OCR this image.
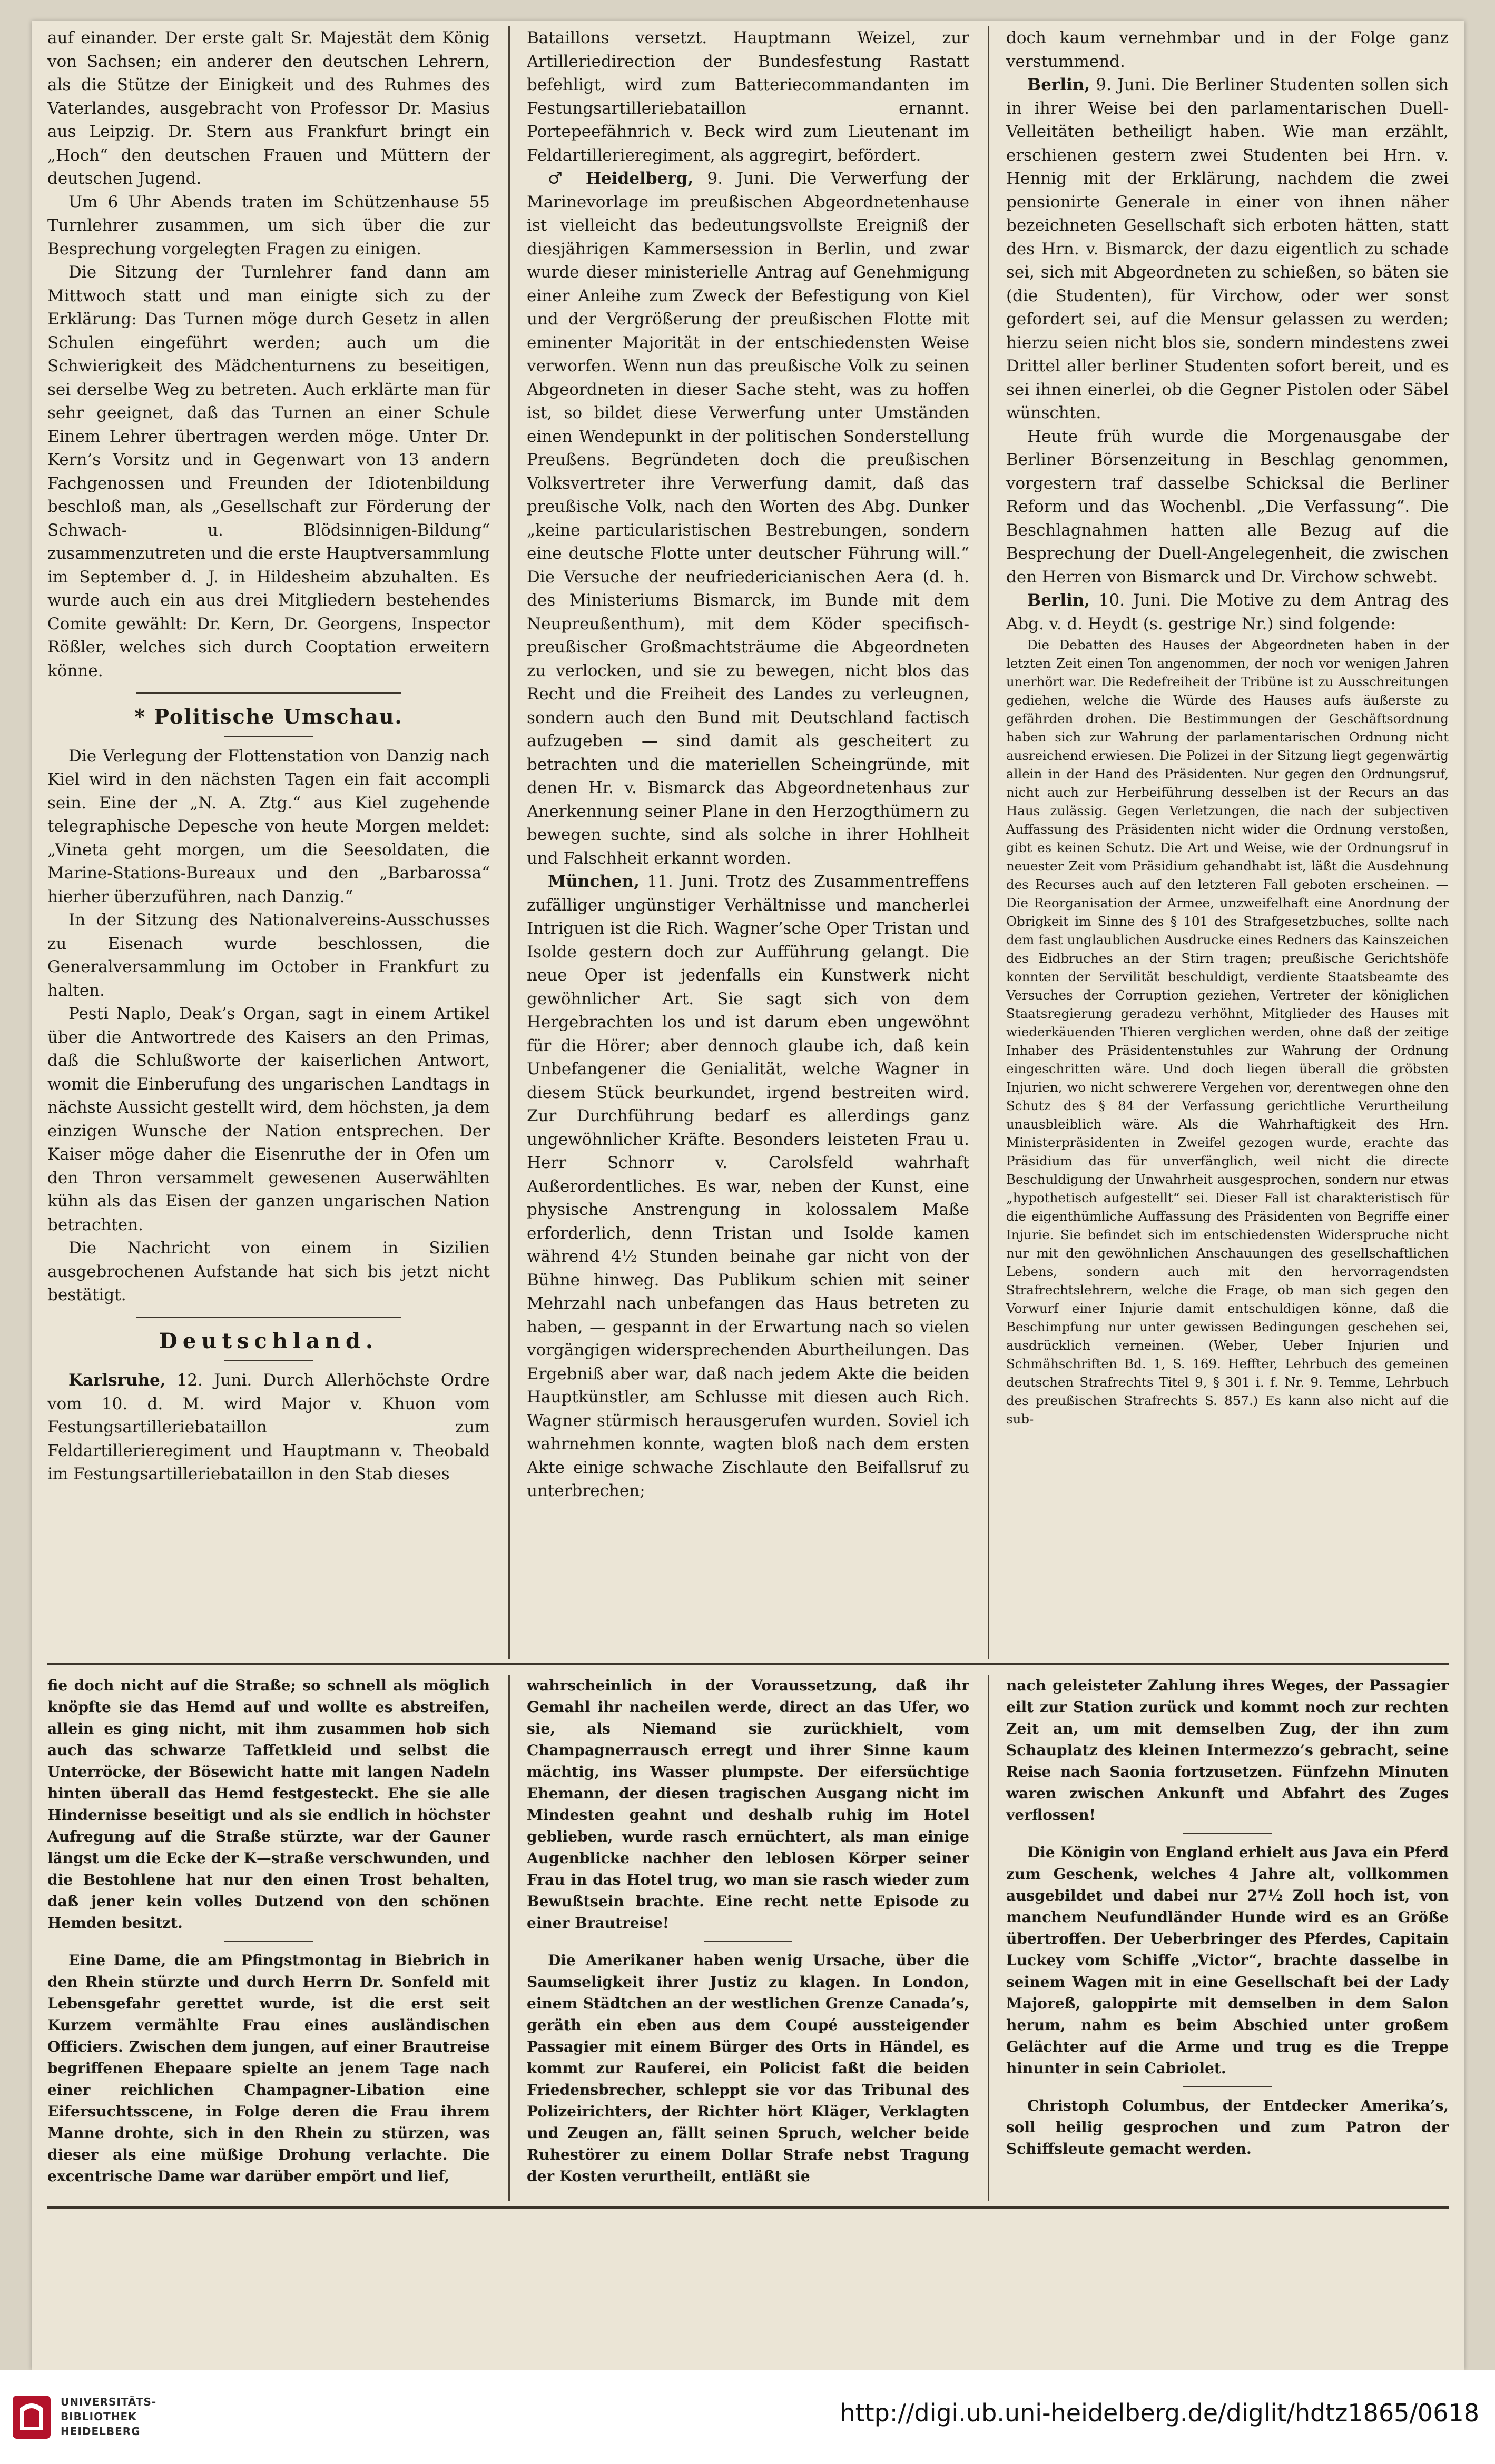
auf einander. Der erste galt Sr. Majestät dem König von Sachsen; ein anderer den deutschen Lehrern, als die Stütze der Einigkeit und des Ruhmes des Vaterlandes, ausgebracht von Professor Dr. Masius aus Leipzig. Dr. Stern aus Frankfurt bringt ein „Hoch“ den deutschen Frauen und Müttern der deutschen Jugend.

Um 6 Uhr Abends traten im Schützenhause 55 Turnlehrer zusammen, um sich über die zur Besprechung vorgelegten Fragen zu einigen.

Die Sitzung der Turnlehrer fand dann am Mittwoch statt und man einigte sich zu der Erklärung: Das Turnen möge durch Gesetz in allen Schulen eingeführt werden; auch um die Schwierigkeit des Mädchenturnens zu beseitigen, sei derselbe Weg zu betreten. Auch erklärte man für sehr geeignet, daß das Turnen an einer Schule Einem Lehrer übertragen werden möge. Unter Dr. Kern’s Vorsitz und in Gegenwart von 13 andern Fachgenossen und Freunden der Idiotenbildung beschloß man, als „Gesellschaft zur Förderung der Schwach- u. Blödsinnigen-Bildung“ zusammenzutreten und die erste Hauptversammlung im September d. J. in Hildesheim abzuhalten. Es wurde auch ein aus drei Mitgliedern bestehendes Comite gewählt: Dr. Kern, Dr. Georgens, Inspector Rößler, welches sich durch Cooptation erweitern könne.

* Politische Umschau.

Die Verlegung der Flottenstation von Danzig nach Kiel wird in den nächsten Tagen ein fait accompli sein. Eine der „N. A. Ztg.“ aus Kiel zugehende telegraphische Depesche von heute Morgen meldet: „Vineta geht morgen, um die Seesoldaten, die Marine-Stations-Bureaux und den „Barbarossa“ hierher überzuführen, nach Danzig.“

In der Sitzung des Nationalvereins-Ausschusses zu Eisenach wurde beschlossen, die Generalversammlung im October in Frankfurt zu halten.

Pesti Naplo, Deak’s Organ, sagt in einem Artikel über die Antwortrede des Kaisers an den Primas, daß die Schlußworte der kaiserlichen Antwort, womit die Einberufung des ungarischen Landtags in nächste Aussicht gestellt wird, dem höchsten, ja dem einzigen Wunsche der Nation entsprechen. Der Kaiser möge daher die Eisenruthe der in Ofen um den Thron versammelt gewesenen Auserwählten kühn als das Eisen der ganzen ungarischen Nation betrachten.

Die Nachricht von einem in Sizilien ausgebrochenen Aufstande hat sich bis jetzt nicht bestätigt.

Deutschland.

Karlsruhe, 12. Juni. Durch Allerhöchste Ordre vom 10. d. M. wird Major v. Khuon vom Festungsartilleriebataillon zum Feldartillerieregiment und Hauptmann v. Theobald im Festungsartilleriebataillon in den Stab dieses

Bataillons versetzt. Hauptmann Weizel, zur Artilleriedirection der Bundesfestung Rastatt befehligt, wird zum Batteriecommandanten im Festungsartilleriebataillon ernannt. Portepeefähnrich v. Beck wird zum Lieutenant im Feldartillerieregiment, als aggregirt, befördert.

♂ Heidelberg, 9. Juni. Die Verwerfung der Marinevorlage im preußischen Abgeordnetenhause ist vielleicht das bedeutungsvollste Ereigniß der diesjährigen Kammersession in Berlin, und zwar wurde dieser ministerielle Antrag auf Genehmigung einer Anleihe zum Zweck der Befestigung von Kiel und der Vergrößerung der preußischen Flotte mit eminenter Majorität in der entschiedensten Weise verworfen. Wenn nun das preußische Volk zu seinen Abgeordneten in dieser Sache steht, was zu hoffen ist, so bildet diese Verwerfung unter Umständen einen Wendepunkt in der politischen Sonderstellung Preußens. Begründeten doch die preußischen Volksvertreter ihre Verwerfung damit, daß das preußische Volk, nach den Worten des Abg. Dunker „keine particularistischen Bestrebungen, sondern eine deutsche Flotte unter deutscher Führung will.“ Die Versuche der neufriedericianischen Aera (d. h. des Ministeriums Bismarck, im Bunde mit dem Neupreußenthum), mit dem Köder specifisch-preußischer Großmachtsträume die Abgeordneten zu verlocken, und sie zu bewegen, nicht blos das Recht und die Freiheit des Landes zu verleugnen, sondern auch den Bund mit Deutschland factisch aufzugeben — sind damit als gescheitert zu betrachten und die materiellen Scheingründe, mit denen Hr. v. Bismarck das Abgeordnetenhaus zur Anerkennung seiner Plane in den Herzogthümern zu bewegen suchte, sind als solche in ihrer Hohlheit und Falschheit erkannt worden.

München, 11. Juni. Trotz des Zusammentreffens zufälliger ungünstiger Verhältnisse und mancherlei Intriguen ist die Rich. Wagner’sche Oper Tristan und Isolde gestern doch zur Aufführung gelangt. Die neue Oper ist jedenfalls ein Kunstwerk nicht gewöhnlicher Art. Sie sagt sich von dem Hergebrachten los und ist darum eben ungewöhnt für die Hörer; aber dennoch glaube ich, daß kein Unbefangener die Genialität, welche Wagner in diesem Stück beurkundet, irgend bestreiten wird. Zur Durchführung bedarf es allerdings ganz ungewöhnlicher Kräfte. Besonders leisteten Frau u. Herr Schnorr v. Carolsfeld wahrhaft Außerordentliches. Es war, neben der Kunst, eine physische Anstrengung in kolossalem Maße erforderlich, denn Tristan und Isolde kamen während 4½ Stunden beinahe gar nicht von der Bühne hinweg. Das Publikum schien mit seiner Mehrzahl nach unbefangen das Haus betreten zu haben, — gespannt in der Erwartung nach so vielen vorgängigen widersprechenden Aburtheilungen. Das Ergebniß aber war, daß nach jedem Akte die beiden Hauptkünstler, am Schlusse mit diesen auch Rich. Wagner stürmisch herausgerufen wurden. Soviel ich wahrnehmen konnte, wagten bloß nach dem ersten Akte einige schwache Zischlaute den Beifallsruf zu unterbrechen;

doch kaum vernehmbar und in der Folge ganz verstummend.

Berlin, 9. Juni. Die Berliner Studenten sollen sich in ihrer Weise bei den parlamentarischen Duell-Velleitäten betheiligt haben. Wie man erzählt, erschienen gestern zwei Studenten bei Hrn. v. Hennig mit der Erklärung, nachdem die zwei pensionirte Generale in einer von ihnen näher bezeichneten Gesellschaft sich erboten hätten, statt des Hrn. v. Bismarck, der dazu eigentlich zu schade sei, sich mit Abgeordneten zu schießen, so bäten sie (die Studenten), für Virchow, oder wer sonst gefordert sei, auf die Mensur gelassen zu werden; hierzu seien nicht blos sie, sondern mindestens zwei Drittel aller berliner Studenten sofort bereit, und es sei ihnen einerlei, ob die Gegner Pistolen oder Säbel wünschten.

Heute früh wurde die Morgenausgabe der Berliner Börsenzeitung in Beschlag genommen, vorgestern traf dasselbe Schicksal die Berliner Reform und das Wochenbl. „Die Verfassung“. Die Beschlagnahmen hatten alle Bezug auf die Besprechung der Duell-Angelegenheit, die zwischen den Herren von Bismarck und Dr. Virchow schwebt.

Berlin, 10. Juni. Die Motive zu dem Antrag des Abg. v. d. Heydt (s. gestrige Nr.) sind folgende:

Die Debatten des Hauses der Abgeordneten haben in der letzten Zeit einen Ton angenommen, der noch vor wenigen Jahren unerhört war. Die Redefreiheit der Tribüne ist zu Ausschreitungen gediehen, welche die Würde des Hauses aufs äußerste zu gefährden drohen. Die Bestimmungen der Geschäftsordnung haben sich zur Wahrung der parlamentarischen Ordnung nicht ausreichend erwiesen. Die Polizei in der Sitzung liegt gegenwärtig allein in der Hand des Präsidenten. Nur gegen den Ordnungsruf, nicht auch zur Herbeiführung desselben ist der Recurs an das Haus zulässig. Gegen Verletzungen, die nach der subjectiven Auffassung des Präsidenten nicht wider die Ordnung verstoßen, gibt es keinen Schutz. Die Art und Weise, wie der Ordnungsruf in neuester Zeit vom Präsidium gehandhabt ist, läßt die Ausdehnung des Recurses auch auf den letzteren Fall geboten erscheinen. — Die Reorganisation der Armee, unzweifelhaft eine Anordnung der Obrigkeit im Sinne des § 101 des Strafgesetzbuches, sollte nach dem fast unglaublichen Ausdrucke eines Redners das Kainszeichen des Eidbruches an der Stirn tragen; preußische Gerichtshöfe konnten der Servilität beschuldigt, verdiente Staatsbeamte des Versuches der Corruption geziehen, Vertreter der königlichen Staatsregierung geradezu verhöhnt, Mitglieder des Hauses mit wiederkäuenden Thieren verglichen werden, ohne daß der zeitige Inhaber des Präsidentenstuhles zur Wahrung der Ordnung eingeschritten wäre. Und doch liegen überall die gröbsten Injurien, wo nicht schwerere Vergehen vor, derentwegen ohne den Schutz des § 84 der Verfassung gerichtliche Verurtheilung unausbleiblich wäre. Als die Wahrhaftigkeit des Hrn. Ministerpräsidenten in Zweifel gezogen wurde, erachte das Präsidium das für unverfänglich, weil nicht die directe Beschuldigung der Unwahrheit ausgesprochen, sondern nur etwas „hypothetisch aufgestellt“ sei. Dieser Fall ist charakteristisch für die eigenthümliche Auffassung des Präsidenten von Begriffe einer Injurie. Sie befindet sich im entschiedensten Widerspruche nicht nur mit den gewöhnlichen Anschauungen des gesellschaftlichen Lebens, sondern auch mit den hervorragendsten Strafrechtslehrern, welche die Frage, ob man sich gegen den Vorwurf einer Injurie damit entschuldigen könne, daß die Beschimpfung nur unter gewissen Bedingungen geschehen sei, ausdrücklich verneinen. (Weber, Ueber Injurien und Schmähschriften Bd. 1, S. 169. Heffter, Lehrbuch des gemeinen deutschen Strafrechts Titel 9, § 301 i. f. Nr. 9. Temme, Lehrbuch des preußischen Strafrechts S. 857.) Es kann also nicht auf die sub-

fie doch nicht auf die Straße; so schnell als möglich knöpfte sie das Hemd auf und wollte es abstreifen, allein es ging nicht, mit ihm zusammen hob sich auch das schwarze Taffetkleid und selbst die Unterröcke, der Bösewicht hatte mit langen Nadeln hinten überall das Hemd festgesteckt. Ehe sie alle Hindernisse beseitigt und als sie endlich in höchster Aufregung auf die Straße stürzte, war der Gauner längst um die Ecke der K—straße verschwunden, und die Bestohlene hat nur den einen Trost behalten, daß jener kein volles Dutzend von den schönen Hemden besitzt.

Eine Dame, die am Pfingstmontag in Biebrich in den Rhein stürzte und durch Herrn Dr. Sonfeld mit Lebensgefahr gerettet wurde, ist die erst seit Kurzem vermählte Frau eines ausländischen Officiers. Zwischen dem jungen, auf einer Brautreise begriffenen Ehepaare spielte an jenem Tage nach einer reichlichen Champagner-Libation eine Eifersuchtsscene, in Folge deren die Frau ihrem Manne drohte, sich in den Rhein zu stürzen, was dieser als eine müßige Drohung verlachte. Die excentrische Dame war darüber empört und lief,

wahrscheinlich in der Voraussetzung, daß ihr Gemahl ihr nacheilen werde, direct an das Ufer, wo sie, als Niemand sie zurückhielt, vom Champagnerrausch erregt und ihrer Sinne kaum mächtig, ins Wasser plumpste. Der eifersüchtige Ehemann, der diesen tragischen Ausgang nicht im Mindesten geahnt und deshalb ruhig im Hotel geblieben, wurde rasch ernüchtert, als man einige Augenblicke nachher den leblosen Körper seiner Frau in das Hotel trug, wo man sie rasch wieder zum Bewußtsein brachte. Eine recht nette Episode zu einer Brautreise!

Die Amerikaner haben wenig Ursache, über die Saumseligkeit ihrer Justiz zu klagen. In London, einem Städtchen an der westlichen Grenze Canada’s, geräth ein eben aus dem Coupé aussteigender Passagier mit einem Bürger des Orts in Händel, es kommt zur Rauferei, ein Policist faßt die beiden Friedensbrecher, schleppt sie vor das Tribunal des Polizeirichters, der Richter hört Kläger, Verklagten und Zeugen an, fällt seinen Spruch, welcher beide Ruhestörer zu einem Dollar Strafe nebst Tragung der Kosten verurtheilt, entläßt sie

nach geleisteter Zahlung ihres Weges, der Passagier eilt zur Station zurück und kommt noch zur rechten Zeit an, um mit demselben Zug, der ihn zum Schauplatz des kleinen Intermezzo’s gebracht, seine Reise nach Saonia fortzusetzen. Fünfzehn Minuten waren zwischen Ankunft und Abfahrt des Zuges verflossen!

Die Königin von England erhielt aus Java ein Pferd zum Geschenk, welches 4 Jahre alt, vollkommen ausgebildet und dabei nur 27½ Zoll hoch ist, von manchem Neufundländer Hunde wird es an Größe übertroffen. Der Ueberbringer des Pferdes, Capitain Luckey vom Schiffe „Victor“, brachte dasselbe in seinem Wagen mit in eine Gesellschaft bei der Lady Majoreß, galoppirte mit demselben in dem Salon herum, nahm es beim Abschied unter großem Gelächter auf die Arme und trug es die Treppe hinunter in sein Cabriolet.

Christoph Columbus, der Entdecker Amerika’s, soll heilig gesprochen und zum Patron der Schiffsleute gemacht werden.

UNIVERSITÄTS-
BIBLIOTHEK
HEIDELBERG
http://digi.ub.uni-heidelberg.de/diglit/hdtz1865/0618
